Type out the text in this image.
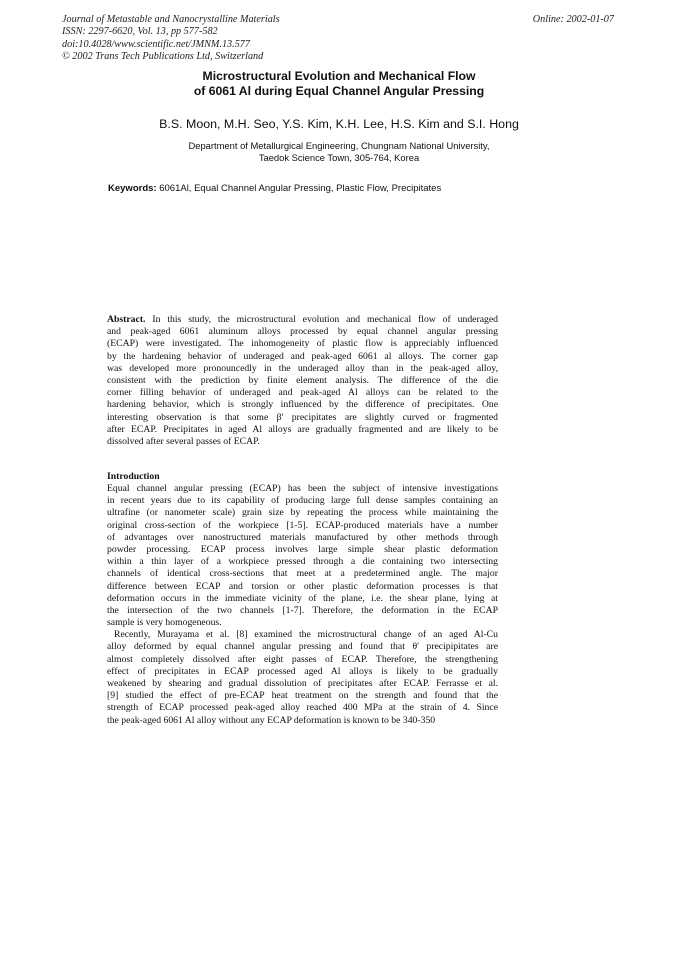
Journal of Metastable and Nanocrystalline Materials
ISSN: 2297-6620, Vol. 13, pp 577-582
doi:10.4028/www.scientific.net/JMNM.13.577
© 2002 Trans Tech Publications Ltd, Switzerland
Online: 2002-01-07
Microstructural Evolution and Mechanical Flow
of 6061 Al during Equal Channel Angular Pressing
B.S. Moon, M.H. Seo, Y.S. Kim, K.H. Lee, H.S. Kim and S.I. Hong
Department of Metallurgical Engineering, Chungnam National University,
Taedok Science Town, 305-764, Korea
Keywords: 6061Al, Equal Channel Angular Pressing, Plastic Flow, Precipitates
Abstract. In this study, the microstructural evolution and mechanical flow of underaged
and peak-aged 6061 aluminum alloys processed by equal channel angular pressing
(ECAP) were investigated. The inhomogeneity of plastic flow is appreciably influenced
by the hardening behavior of underaged and peak-aged 6061 al alloys. The corner gap
was developed more pronouncedly in the underaged alloy than in the peak-aged alloy,
consistent with the prediction by finite element analysis. The difference of the die
corner filling behavior of underaged and peak-aged Al alloys can be related to the
hardening behavior, which is strongly influenced by the difference of precipitates. One
interesting observation is that some β' precipitates are slightly curved or fragmented
after ECAP. Precipitates in aged Al alloys are gradually fragmented and are likely to be
dissolved after several passes of ECAP.
Introduction
Equal channel angular pressing (ECAP) has been the subject of intensive investigations
in recent years due to its capability of producing large full dense samples containing an
ultrafine (or nanometer scale) grain size by repeating the process while maintaining the
original cross-section of the workpiece [1-5]. ECAP-produced materials have a number
of advantages over nanostructured materials manufactured by other methods through
powder processing. ECAP process involves large simple shear plastic deformation
within a thin layer of a workpiece pressed through a die containing two intersecting
channels of identical cross-sections that meet at a predetermined angle. The major
difference between ECAP and torsion or other plastic deformation processes is that
deformation occurs in the immediate vicinity of the plane, i.e. the shear plane, lying at
the intersection of the two channels [1-7]. Therefore, the deformation in the ECAP
sample is very homogeneous.
Recently, Murayama et al. [8] examined the microstructural change of an aged Al-Cu
alloy deformed by equal channel angular pressing and found that θ' precipipitates are
almost completely dissolved after eight passes of ECAP. Therefore, the strengthening
effect of precipitates in ECAP processed aged Al alloys is likely to be gradually
weakened by shearing and gradual dissolution of precipitates after ECAP. Ferrasse et al.
[9] studied the effect of pre-ECAP heat treatment on the strength and found that the
strength of ECAP processed peak-aged alloy reached 400 MPa at the strain of 4. Since
the peak-aged 6061 Al alloy without any ECAP deformation is known to be 340-350
